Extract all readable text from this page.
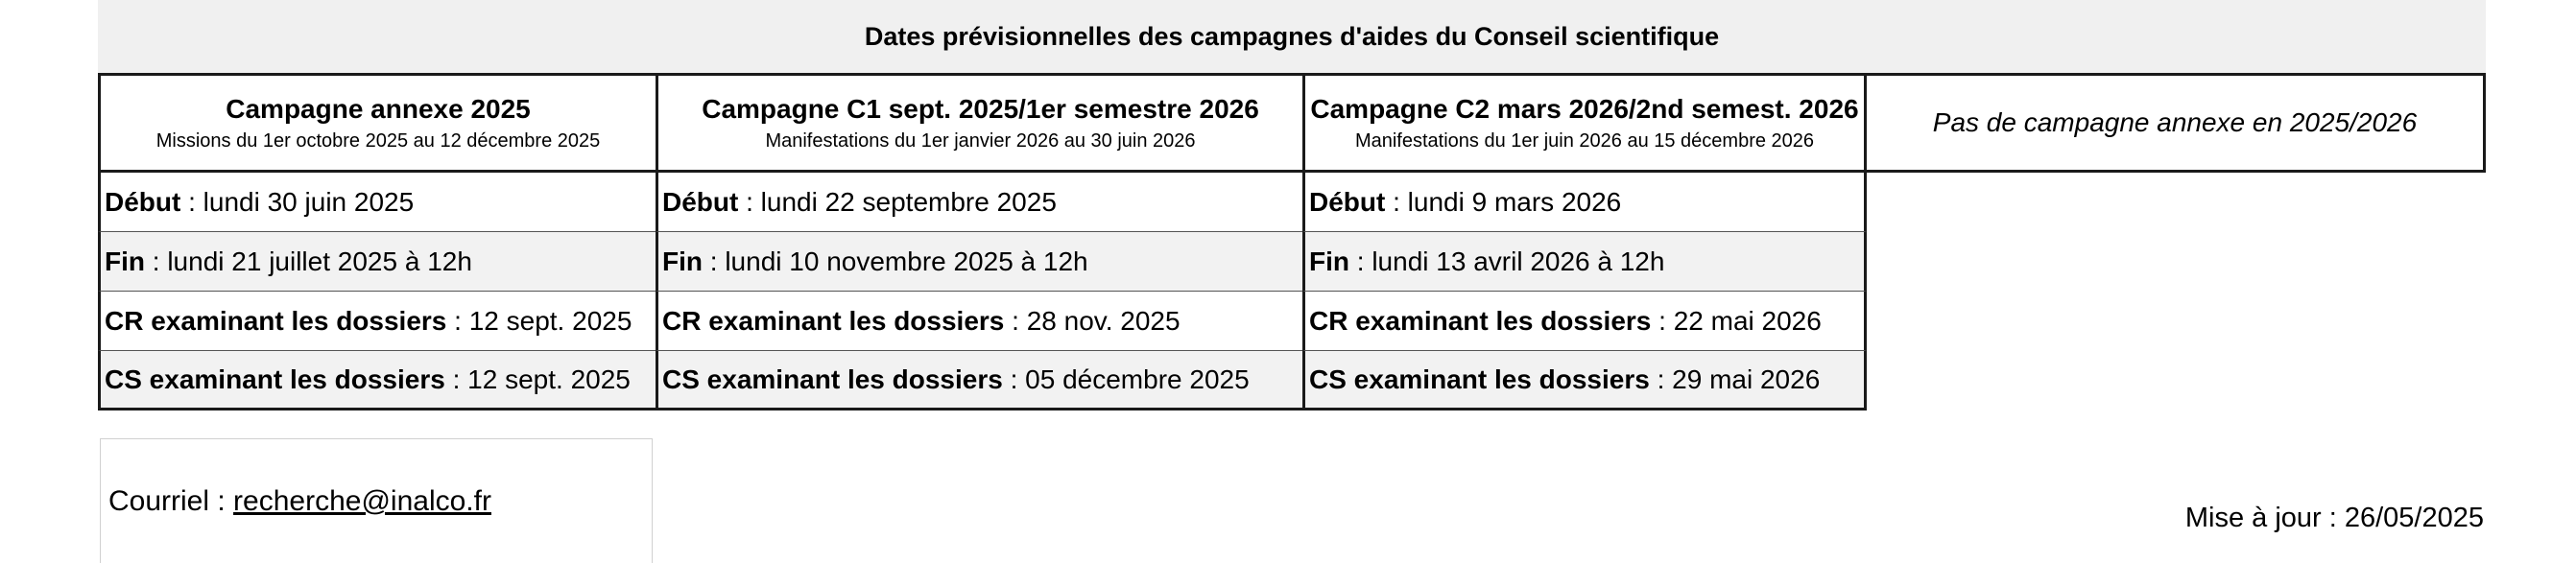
Dates prévisionnelles des campagnes d'aides du Conseil scientifique
Campagne annexe 2025
Missions du 1er octobre 2025 au 12 décembre 2025
Début : lundi 30 juin 2025
Fin : lundi 21 juillet 2025 à 12h
CR examinant les dossiers : 12 sept. 2025
CS examinant les dossiers : 12 sept. 2025
Campagne C1 sept. 2025/1er semestre 2026
Manifestations du 1er janvier 2026 au 30 juin 2026
Début : lundi 22 septembre 2025
Fin : lundi 10 novembre 2025 à 12h
CR examinant les dossiers : 28 nov. 2025
CS examinant les dossiers : 05 décembre 2025
Campagne C2 mars 2026/2nd semest. 2026
Manifestations du 1er juin 2026 au 15 décembre 2026
Début : lundi 9 mars 2026
Fin : lundi 13 avril 2026 à 12h
CR examinant les dossiers : 22 mai 2026
CS examinant les dossiers : 29 mai 2026
Pas de campagne annexe en 2025/2026
Courriel : recherche@inalco.fr
Mise à jour : 26/05/2025
